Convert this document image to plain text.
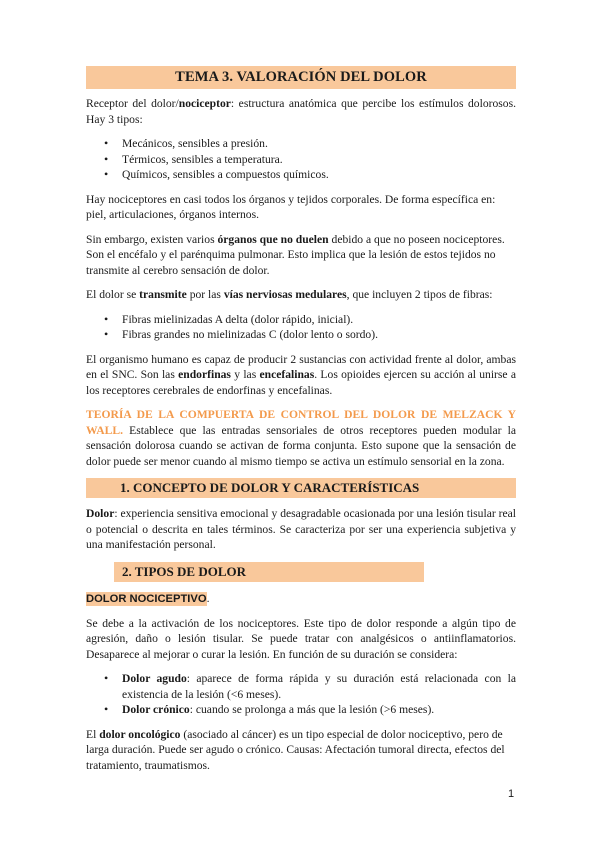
TEMA 3. VALORACIÓN DEL DOLOR

Receptor del dolor/nociceptor: estructura anatómica que percibe los estímulos dolorosos. Hay 3 tipos:

• Mecánicos, sensibles a presión.
• Térmicos, sensibles a temperatura.
• Químicos, sensibles a compuestos químicos.

Hay nociceptores en casi todos los órganos y tejidos corporales. De forma específica en: piel, articulaciones, órganos internos.

Sin embargo, existen varios órganos que no duelen debido a que no poseen nociceptores. Son el encéfalo y el parénquima pulmonar. Esto implica que la lesión de estos tejidos no transmite al cerebro sensación de dolor.

El dolor se transmite por las vías nerviosas medulares, que incluyen 2 tipos de fibras:

• Fibras mielinizadas A delta (dolor rápido, inicial).
• Fibras grandes no mielinizadas C (dolor lento o sordo).

El organismo humano es capaz de producir 2 sustancias con actividad frente al dolor, ambas en el SNC. Son las endorfinas y las encefalinas. Los opioides ejercen su acción al unirse a los receptores cerebrales de endorfinas y encefalinas.

TEORÍA DE LA COMPUERTA DE CONTROL DEL DOLOR DE MELZACK Y WALL. Establece que las entradas sensoriales de otros receptores pueden modular la sensación dolorosa cuando se activan de forma conjunta. Esto supone que la sensación de dolor puede ser menor cuando al mismo tiempo se activa un estímulo sensorial en la zona.

1. CONCEPTO DE DOLOR Y CARACTERÍSTICAS

Dolor: experiencia sensitiva emocional y desagradable ocasionada por una lesión tisular real o potencial o descrita en tales términos. Se caracteriza por ser una experiencia subjetiva y una manifestación personal.

2. TIPOS DE DOLOR

DOLOR NOCICEPTIVO.

Se debe a la activación de los nociceptores. Este tipo de dolor responde a algún tipo de agresión, daño o lesión tisular. Se puede tratar con analgésicos o antiinflamatorios. Desaparece al mejorar o curar la lesión. En función de su duración se considera:

• Dolor agudo: aparece de forma rápida y su duración está relacionada con la existencia de la lesión (<6 meses).
• Dolor crónico: cuando se prolonga a más que la lesión (>6 meses).

El dolor oncológico (asociado al cáncer) es un tipo especial de dolor nociceptivo, pero de larga duración. Puede ser agudo o crónico. Causas: Afectación tumoral directa, efectos del tratamiento, traumatismos.

1
